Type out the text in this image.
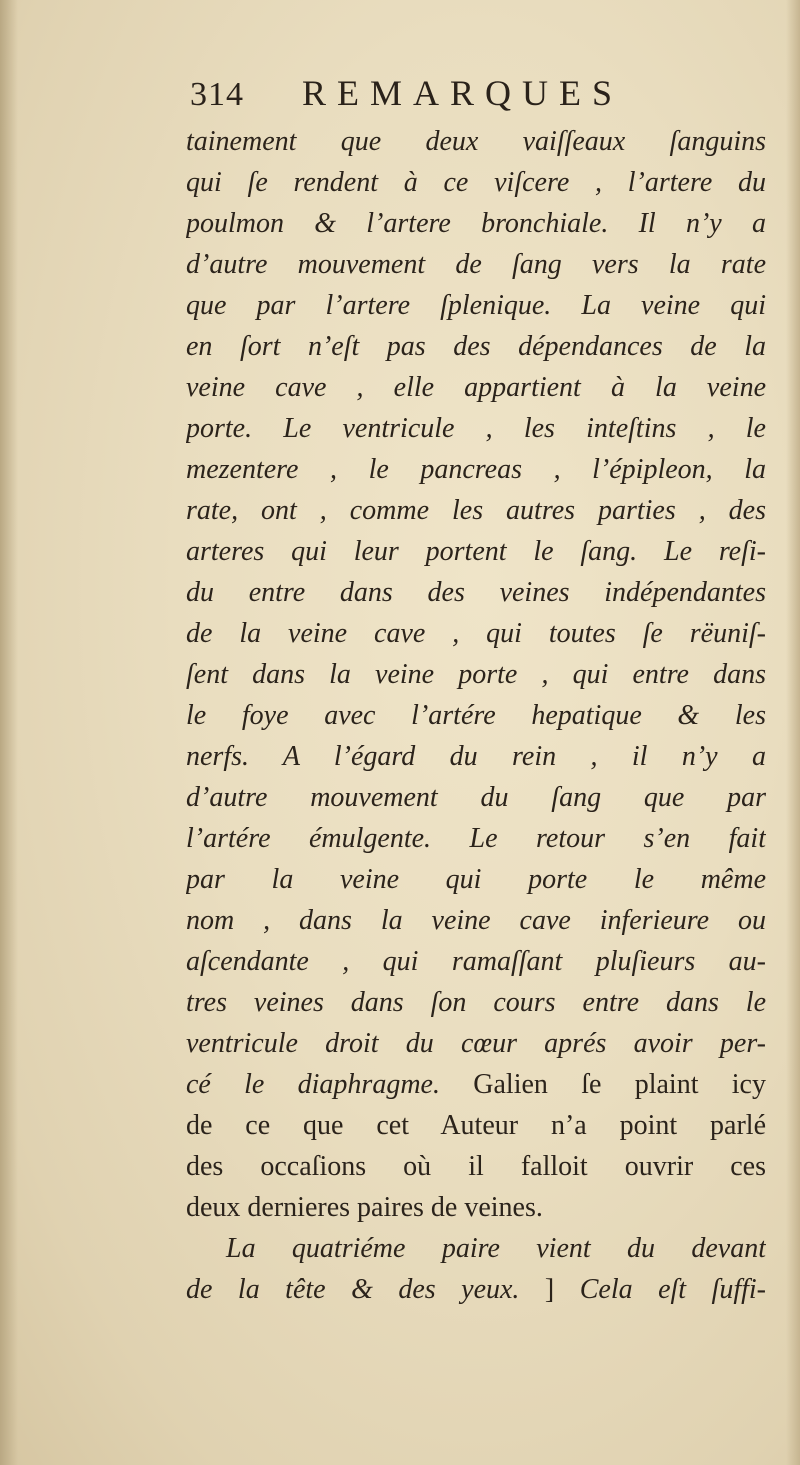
314	REMARQUES
tainement que deux vaiſſeaux ſanguins
qui ſe rendent à ce viſcere , l’artere du
poulmon & l’artere bronchiale. Il n’y a
d’autre mouvement de ſang vers la rate
que par l’artere ſplenique. La veine qui
en ſort n’eſt pas des dépendances de la
veine cave , elle appartient à la veine
porte. Le ventricule , les inteſtins , le
mezentere , le pancreas , l’épipleon, la
rate, ont , comme les autres parties , des
arteres qui leur portent le ſang. Le reſi-
du entre dans des veines indépendantes
de la veine cave , qui toutes ſe rëuniſ-
ſent dans la veine porte , qui entre dans
le foye avec l’artére hepatique & les
nerfs. A l’égard du rein , il n’y a
d’autre mouvement du ſang que par
l’artére émulgente. Le retour s’en fait
par la veine qui porte le même
nom , dans la veine cave inferieure ou
aſcendante , qui ramaſſant pluſieurs au-
tres veines dans ſon cours entre dans le
ventricule droit du cœur aprés avoir per-
cé le diaphragme. Galien ſe plaint icy
de ce que cet Auteur n’a point parlé
des occaſions où il falloit ouvrir ces
deux dernieres paires de veines.
La quatriéme paire vient du devant
de la tête & des yeux. ] Cela eſt ſuffi-
